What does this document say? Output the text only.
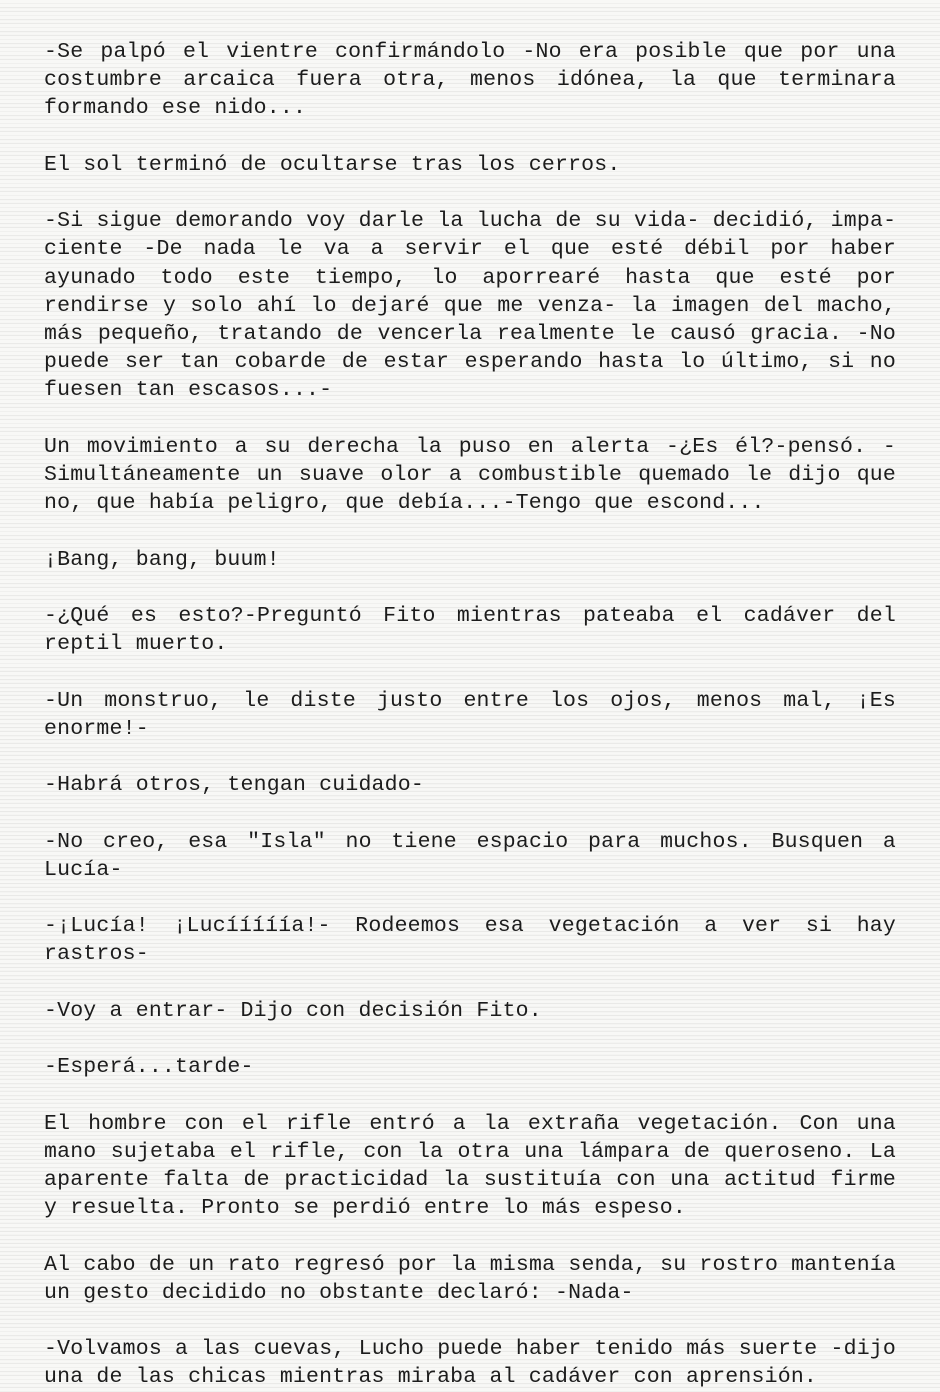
-Se palpó el vientre confirmándolo -No era posible que por una costumbre arcaica fuera otra, menos idónea, la que terminara formando ese nido...

El sol terminó de ocultarse tras los cerros.

-Si sigue demorando voy darle la lucha de su vida- decidió, impaciente -De nada le va a servir el que esté débil por haber ayunado todo este tiempo, lo aporrearé hasta que esté por rendirse y solo ahí lo dejaré que me venza- la imagen del macho, más pequeño, tratando de vencerla realmente le causó gracia. -No puede ser tan cobarde de estar esperando hasta lo último, si no fuesen tan escasos...-

Un movimiento a su derecha la puso en alerta -¿Es él?-pensó. -Simultáneamente un suave olor a combustible quemado le dijo que no, que había peligro, que debía...-Tengo que escond...

¡Bang, bang, buum!

-¿Qué es esto?-Preguntó Fito mientras pateaba el cadáver del reptil muerto.

-Un monstruo, le diste justo entre los ojos, menos mal, ¡Es enorme!-

-Habrá otros, tengan cuidado-

-No creo, esa "Isla" no tiene espacio para muchos. Busquen a Lucía-

-¡Lucía! ¡Lucííííía!- Rodeemos esa vegetación a ver si hay rastros-

-Voy a entrar- Dijo con decisión Fito.

-Esperá...tarde-

El hombre con el rifle entró a la extraña vegetación. Con una mano sujetaba el rifle, con la otra una lámpara de queroseno. La aparente falta de practicidad la sustituía con una actitud firme y resuelta. Pronto se perdió entre lo más espeso.

Al cabo de un rato regresó por la misma senda, su rostro mantenía un gesto decidido no obstante declaró: -Nada-

-Volvamos a las cuevas, Lucho puede haber tenido más suerte -dijo una de las chicas mientras miraba al cadáver con aprensión.
